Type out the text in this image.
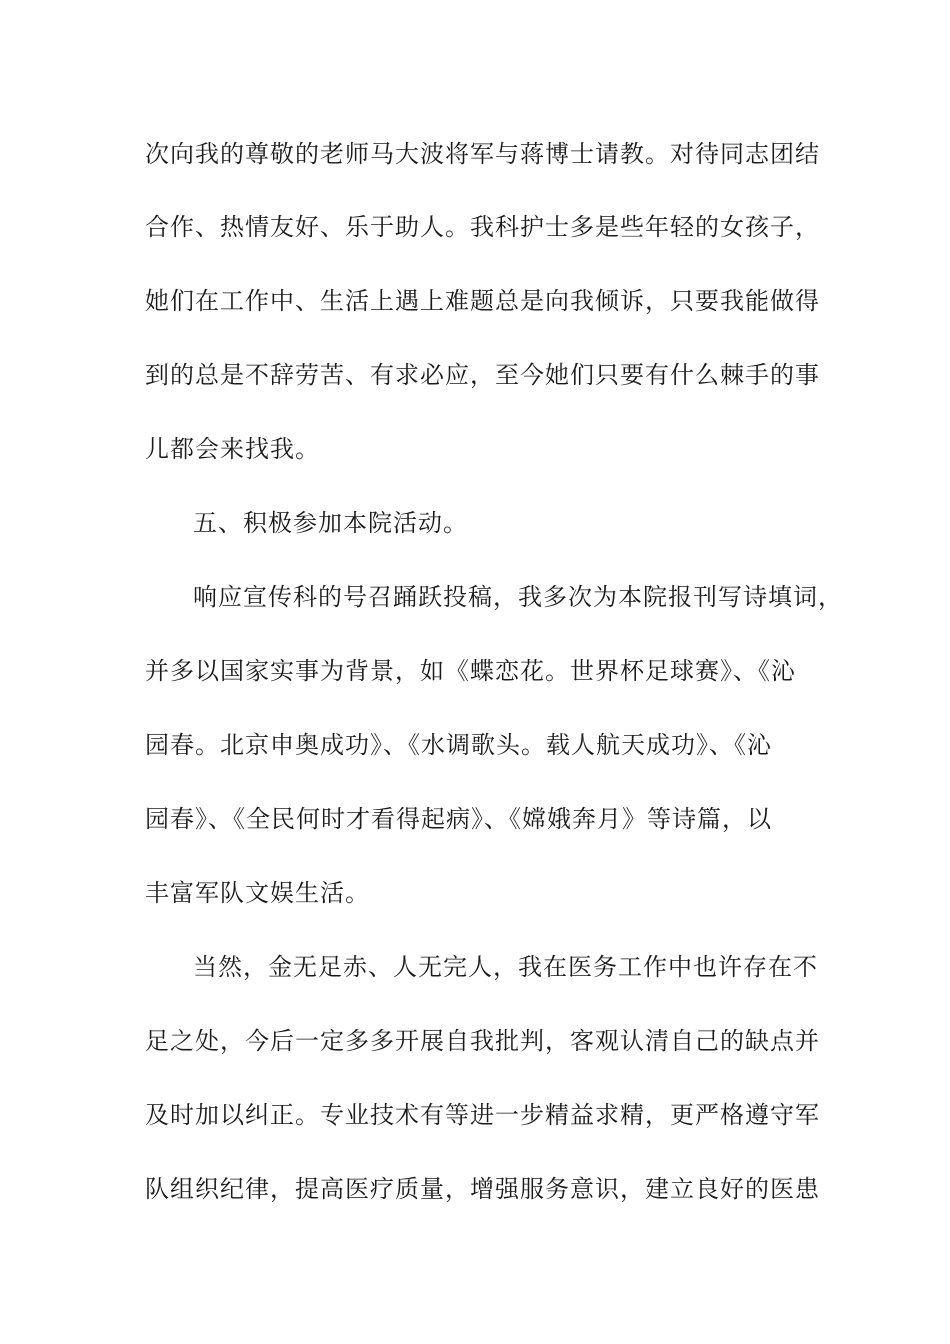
次向我的尊敬的老师马大波将军与蒋博士请教。对待同志团结
合作、热情友好、乐于助人。我科护士多是些年轻的女孩子，
她们在工作中、生活上遇上难题总是向我倾诉，只要我能做得
到的总是不辞劳苦、有求必应，至今她们只要有什么棘手的事
儿都会来找我。
五、积极参加本院活动。
响应宣传科的号召踊跃投稿，我多次为本院报刊写诗填词，
并多以国家实事为背景，如《蝶恋花。世界杯足球赛》、《沁
园春。北京申奥成功》、《水调歌头。载人航天成功》、《沁
园春》、《全民何时才看得起病》、《嫦娥奔月》等诗篇，以
丰富军队文娱生活。
当然，金无足赤、人无完人，我在医务工作中也许存在不
足之处，今后一定多多开展自我批判，客观认清自己的缺点并
及时加以纠正。专业技术有等进一步精益求精，更严格遵守军
队组织纪律，提高医疗质量，增强服务意识，建立良好的医患
